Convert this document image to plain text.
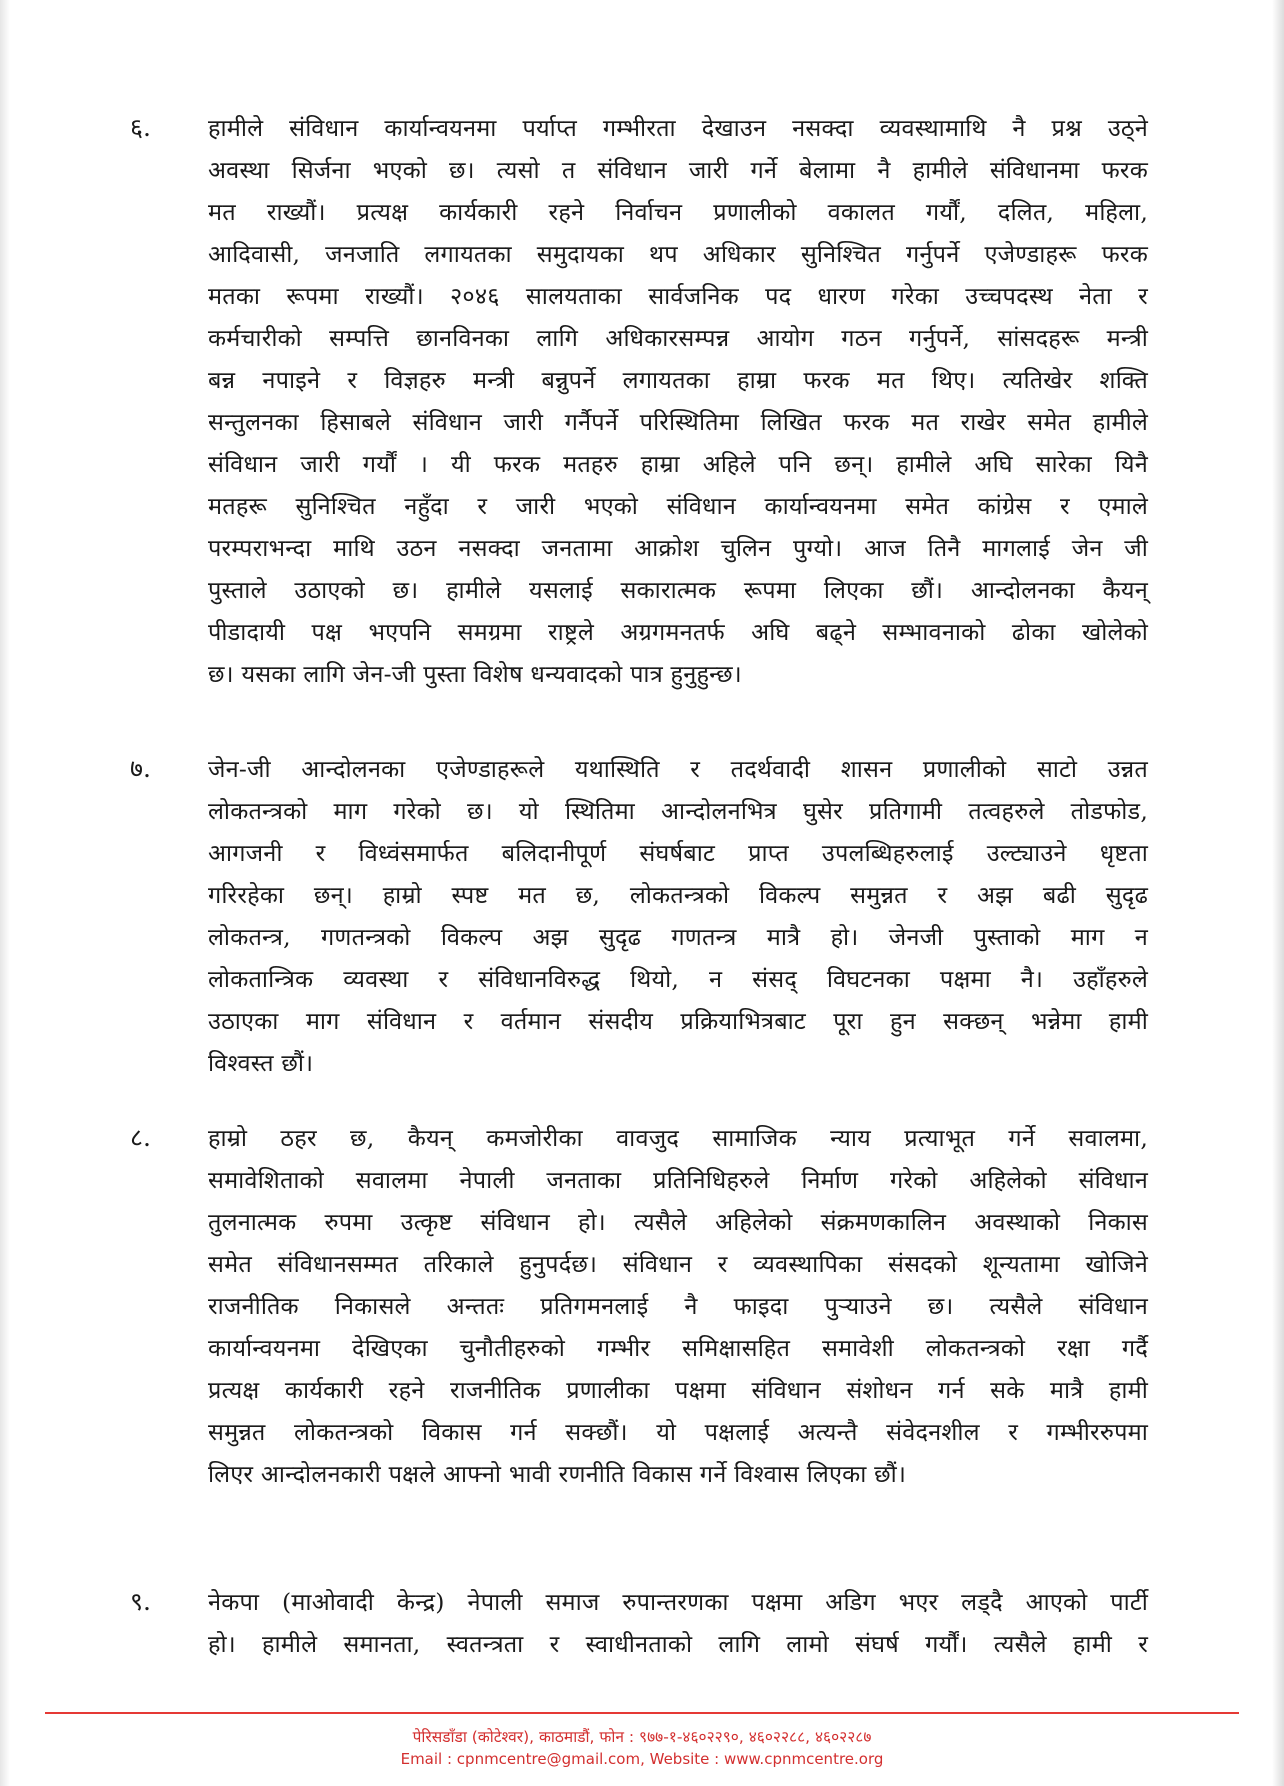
६. हामीले संविधान कार्यान्वयनमा पर्याप्त गम्भीरता देखाउन नसक्दा व्यवस्थामाथि नै प्रश्न उठ्ने
अवस्था सिर्जना भएको छ। त्यसो त संविधान जारी गर्ने बेलामा नै हामीले संविधानमा फरक
मत राख्यौं। प्रत्यक्ष कार्यकारी रहने निर्वाचन प्रणालीको वकालत गर्यौं, दलित, महिला,
आदिवासी, जनजाति लगायतका समुदायका थप अधिकार सुनिश्चित गर्नुपर्ने एजेण्डाहरू फरक
मतका रूपमा राख्यौं। २०४६ सालयताका सार्वजनिक पद धारण गरेका उच्चपदस्थ नेता र
कर्मचारीको सम्पत्ति छानविनका लागि अधिकारसम्पन्न आयोग गठन गर्नुपर्ने, सांसदहरू मन्त्री
बन्न नपाइने र विज्ञहरु मन्त्री बन्नुपर्ने लगायतका हाम्रा फरक मत थिए। त्यतिखेर शक्ति
सन्तुलनका हिसाबले संविधान जारी गर्नैपर्ने परिस्थितिमा लिखित फरक मत राखेर समेत हामीले
संविधान जारी गर्यौं । यी फरक मतहरु हाम्रा अहिले पनि छन्। हामीले अघि सारेका यिनै
मतहरू सुनिश्चित नहुँदा र जारी भएको संविधान कार्यान्वयनमा समेत कांग्रेस र एमाले
परम्पराभन्दा माथि उठन नसक्दा जनतामा आक्रोश चुलिन पुग्यो। आज तिनै मागलाई जेन जी
पुस्ताले उठाएको छ। हामीले यसलाई सकारात्मक रूपमा लिएका छौं। आन्दोलनका कैयन्
पीडादायी पक्ष भएपनि समग्रमा राष्ट्रले अग्रगमनतर्फ अघि बढ्ने सम्भावनाको ढोका खोलेको
छ। यसका लागि जेन-जी पुस्ता विशेष धन्यवादको पात्र हुनुहुन्छ।
७. जेन-जी आन्दोलनका एजेण्डाहरूले यथास्थिति र तदर्थवादी शासन प्रणालीको साटो उन्नत
लोकतन्त्रको माग गरेको छ। यो स्थितिमा आन्दोलनभित्र घुसेर प्रतिगामी तत्वहरुले तोडफोड,
आगजनी र विध्वंसमार्फत बलिदानीपूर्ण संघर्षबाट प्राप्त उपलब्धिहरुलाई उल्ट्याउने धृष्टता
गरिरहेका छन्। हाम्रो स्पष्ट मत छ, लोकतन्त्रको विकल्प समुन्नत र अझ बढी सुदृढ
लोकतन्त्र, गणतन्त्रको विकल्प अझ सुदृढ गणतन्त्र मात्रै हो। जेनजी पुस्ताको माग न
लोकतान्त्रिक व्यवस्था र संविधानविरुद्ध थियो, न संसद् विघटनका पक्षमा नै। उहाँहरुले
उठाएका माग संविधान र वर्तमान संसदीय प्रक्रियाभित्रबाट पूरा हुन सक्छन् भन्नेमा हामी
विश्वस्त छौं।
८. हाम्रो ठहर छ, कैयन् कमजोरीका वावजुद सामाजिक न्याय प्रत्याभूत गर्ने सवालमा,
समावेशिताको सवालमा नेपाली जनताका प्रतिनिधिहरुले निर्माण गरेको अहिलेको संविधान
तुलनात्मक रुपमा उत्कृष्ट संविधान हो। त्यसैले अहिलेको संक्रमणकालिन अवस्थाको निकास
समेत संविधानसम्मत तरिकाले हुनुपर्दछ। संविधान र व्यवस्थापिका संसदको शून्यतामा खोजिने
राजनीतिक निकासले अन्ततः प्रतिगमनलाई नै फाइदा पुऱ्याउने छ। त्यसैले संविधान
कार्यान्वयनमा देखिएका चुनौतीहरुको गम्भीर समिक्षासहित समावेशी लोकतन्त्रको रक्षा गर्दै
प्रत्यक्ष कार्यकारी रहने राजनीतिक प्रणालीका पक्षमा संविधान संशोधन गर्न सके मात्रै हामी
समुन्नत लोकतन्त्रको विकास गर्न सक्छौं। यो पक्षलाई अत्यन्तै संवेदनशील र गम्भीररुपमा
लिएर आन्दोलनकारी पक्षले आफ्नो भावी रणनीति विकास गर्ने विश्वास लिएका छौं।
९. नेकपा (माओवादी केन्द्र) नेपाली समाज रुपान्तरणका पक्षमा अडिग भएर लड्दै आएको पार्टी
हो। हामीले समानता, स्वतन्त्रता र स्वाधीनताको लागि लामो संघर्ष गर्यौं। त्यसैले हामी र
पेरिसडाँडा (कोटेश्वर), काठमाडौं, फोन : ९७७-१-४६०२२९०, ४६०२२८८, ४६०२२८७
Email : cpnmcentre@gmail.com, Website : www.cpnmcentre.org
